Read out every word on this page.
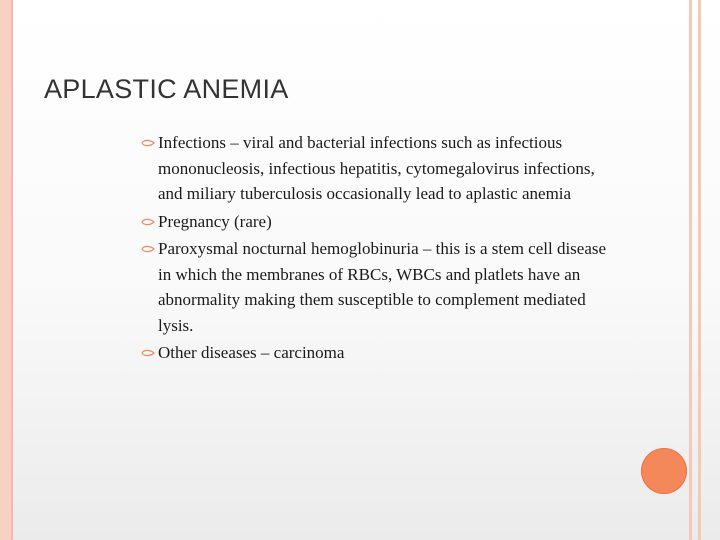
APLASTIC ANEMIA
Infections – viral and bacterial infections such as infectious mononucleosis, infectious hepatitis, cytomegalovirus infections, and miliary tuberculosis occasionally lead to aplastic anemia
Pregnancy (rare)
Paroxysmal nocturnal hemoglobinuria – this is a stem cell disease in which the membranes of RBCs, WBCs and platlets have an abnormality making them susceptible to complement mediated lysis.
Other diseases – carcinoma
